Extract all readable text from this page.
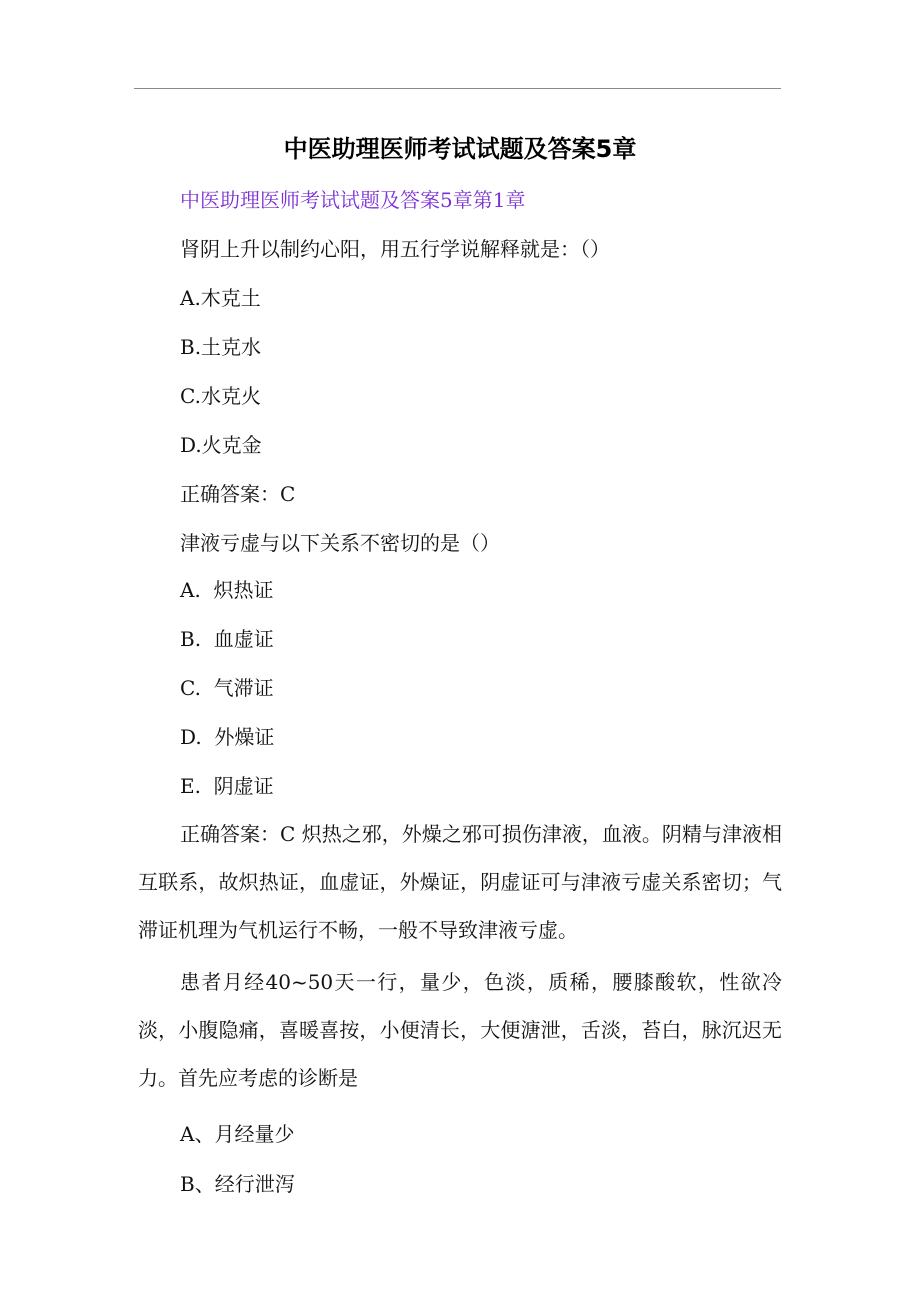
中医助理医师考试试题及答案5章
中医助理医师考试试题及答案5章第1章
肾阴上升以制约心阳，用五行学说解释就是：（）
A.木克土
B.土克水
C.水克火
D.火克金
正确答案：C
津液亏虚与以下关系不密切的是（）
A.  炽热证
B.  血虚证
C.  气滞证
D.  外燥证
E.  阴虚证
正确答案：C 炽热之邪，外燥之邪可损伤津液，血液。阴精与津液相互联系，故炽热证，血虚证，外燥证，阴虚证可与津液亏虚关系密切；气滞证机理为气机运行不畅，一般不导致津液亏虚。
患者月经40~50天一行，量少，色淡，质稀，腰膝酸软，性欲冷淡，小腹隐痛，喜暖喜按，小便清长，大便溏泄，舌淡，苔白，脉沉迟无力。首先应考虑的诊断是
A、月经量少
B、经行泄泻
